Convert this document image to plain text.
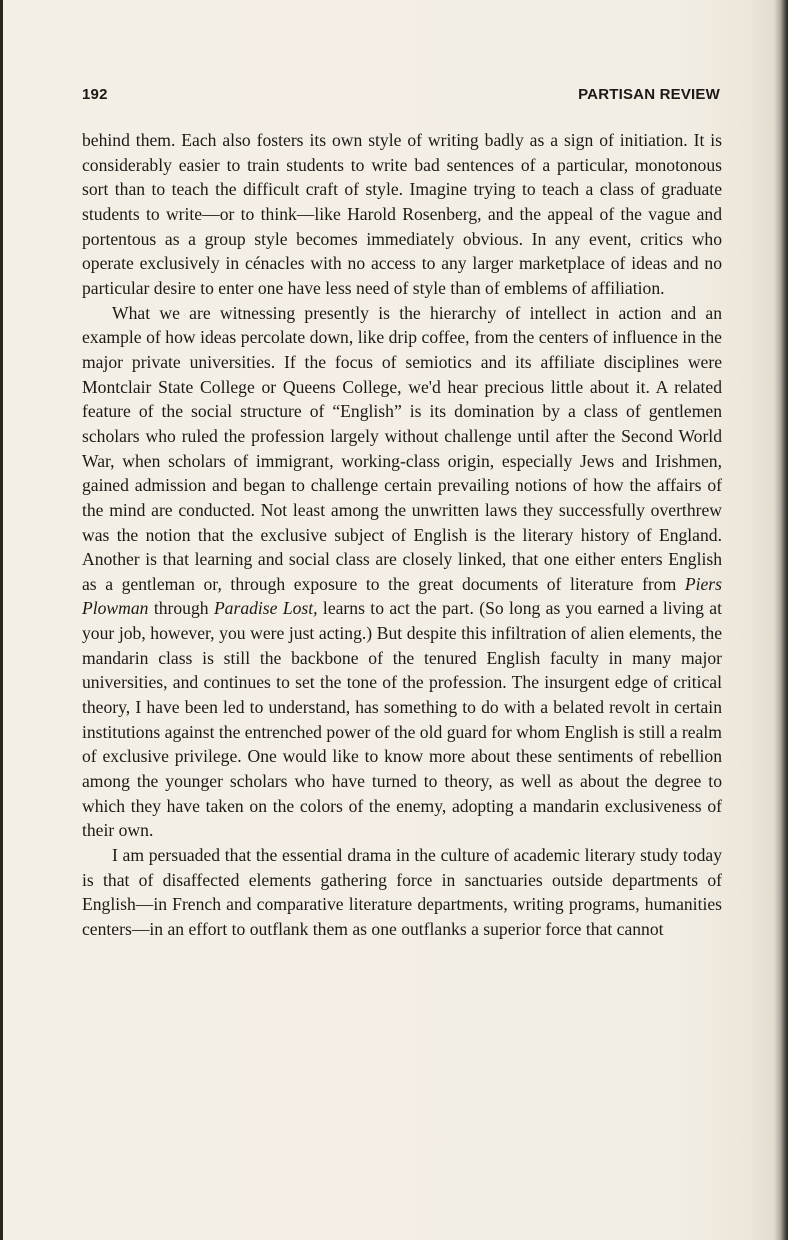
192	PARTISAN REVIEW

behind them. Each also fosters its own style of writing badly as a sign of initiation. It is considerably easier to train students to write bad sentences of a particular, monotonous sort than to teach the difficult craft of style. Imagine trying to teach a class of graduate students to write—or to think—like Harold Rosenberg, and the appeal of the vague and portentous as a group style becomes immediately obvious. In any event, critics who operate exclusively in cénacles with no access to any larger marketplace of ideas and no particular desire to enter one have less need of style than of emblems of affiliation.

What we are witnessing presently is the hierarchy of intellect in action and an example of how ideas percolate down, like drip coffee, from the centers of influence in the major private universities. If the focus of semiotics and its affiliate disciplines were Montclair State College or Queens College, we'd hear precious little about it. A related feature of the social structure of “English” is its domination by a class of gentlemen scholars who ruled the profession largely without challenge until after the Second World War, when scholars of immigrant, working-class origin, especially Jews and Irishmen, gained admission and began to challenge certain prevailing notions of how the affairs of the mind are conducted. Not least among the unwritten laws they successfully overthrew was the notion that the exclusive subject of English is the literary history of England. Another is that learning and social class are closely linked, that one either enters English as a gentleman or, through exposure to the great documents of literature from Piers Plowman through Paradise Lost, learns to act the part. (So long as you earned a living at your job, however, you were just acting.) But despite this infiltration of alien elements, the mandarin class is still the backbone of the tenured English faculty in many major universities, and continues to set the tone of the profession. The insurgent edge of critical theory, I have been led to understand, has something to do with a belated revolt in certain institutions against the entrenched power of the old guard for whom English is still a realm of exclusive privilege. One would like to know more about these sentiments of rebellion among the younger scholars who have turned to theory, as well as about the degree to which they have taken on the colors of the enemy, adopting a mandarin exclusiveness of their own.

I am persuaded that the essential drama in the culture of academic literary study today is that of disaffected elements gathering force in sanctuaries outside departments of English—in French and comparative literature departments, writing programs, humanities centers—in an effort to outflank them as one outflanks a superior force that cannot
